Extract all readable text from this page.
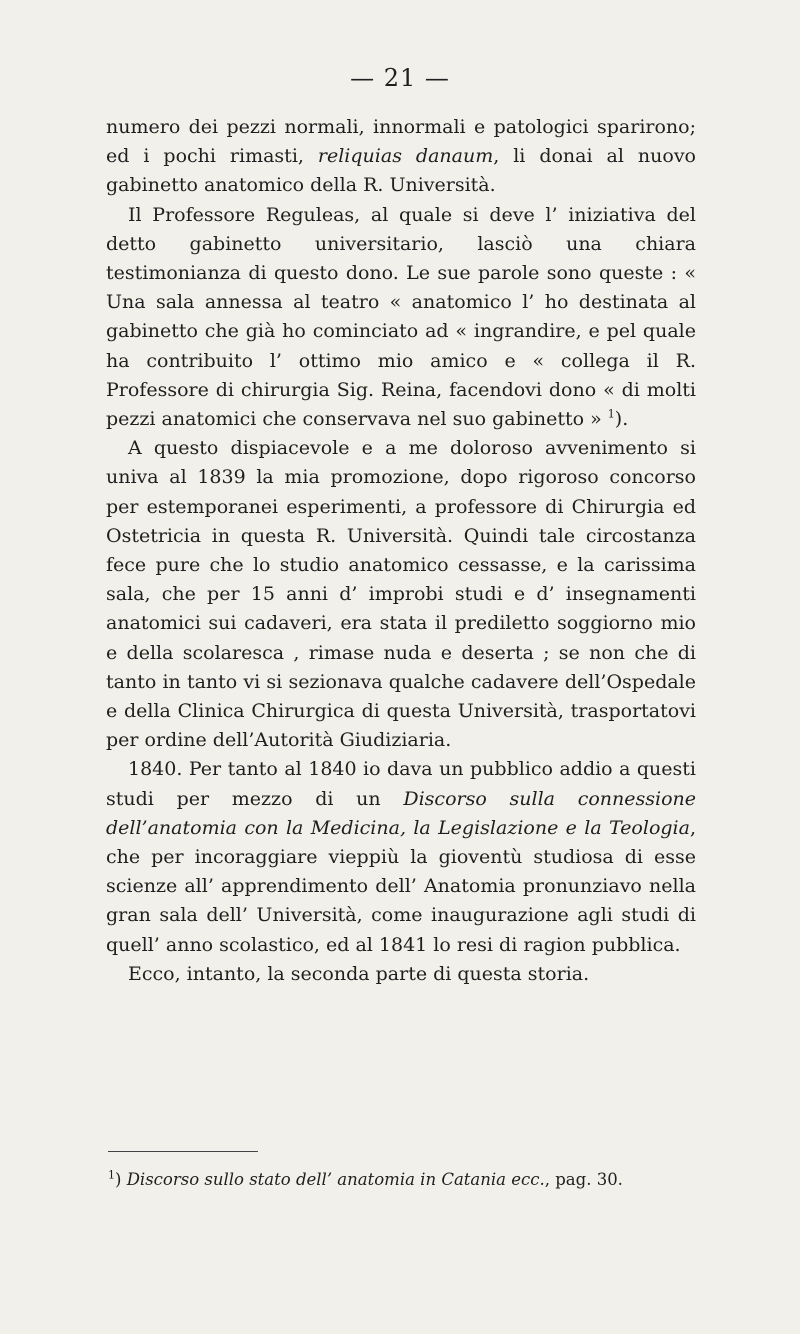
— 21 —

numero dei pezzi normali, innormali e patologici sparirono; ed i pochi rimasti, reliquias danaum, li donai al nuovo gabinetto anatomico della R. Università.

Il Professore Reguleas, al quale si deve l’ iniziativa del detto gabinetto universitario, lasciò una chiara testimonianza di questo dono. Le sue parole sono queste : « Una sala annessa al teatro « anatomico l’ ho destinata al gabinetto che già ho cominciato ad « ingrandire, e pel quale ha contribuito l’ ottimo mio amico e « collega il R. Professore di chirurgia Sig. Reina, facendovi dono « di molti pezzi anatomici che conservava nel suo gabinetto » $^1$).

A questo dispiacevole e a me doloroso avvenimento si univa al 1839 la mia promozione, dopo rigoroso concorso per estemporanei esperimenti, a professore di Chirurgia ed Ostetricia in questa R. Università. Quindi tale circostanza fece pure che lo studio anatomico cessasse, e la carissima sala, che per 15 anni d’ improbi studi e d’ insegnamenti anatomici sui cadaveri, era stata il prediletto soggiorno mio e della scolaresca , rimase nuda e deserta ; se non che di tanto in tanto vi si sezionava qualche cadavere dell’Ospedale e della Clinica Chirurgica di questa Università, trasportatovi per ordine dell’Autorità Giudiziaria.

1840. Per tanto al 1840 io dava un pubblico addio a questi studi per mezzo di un Discorso sulla connessione dell’anatomia con la Medicina, la Legislazione e la Teologia, che per incoraggiare vieppiù la gioventù studiosa di esse scienze all’ apprendimento dell’ Anatomia pronunziavo nella gran sala dell’ Università, come inaugurazione agli studi di quell’ anno scolastico, ed al 1841 lo resi di ragion pubblica.

Ecco, intanto, la seconda parte di questa storia.

$^1$) Discorso sullo stato dell’ anatomia in Catania ecc., pag. 30.
